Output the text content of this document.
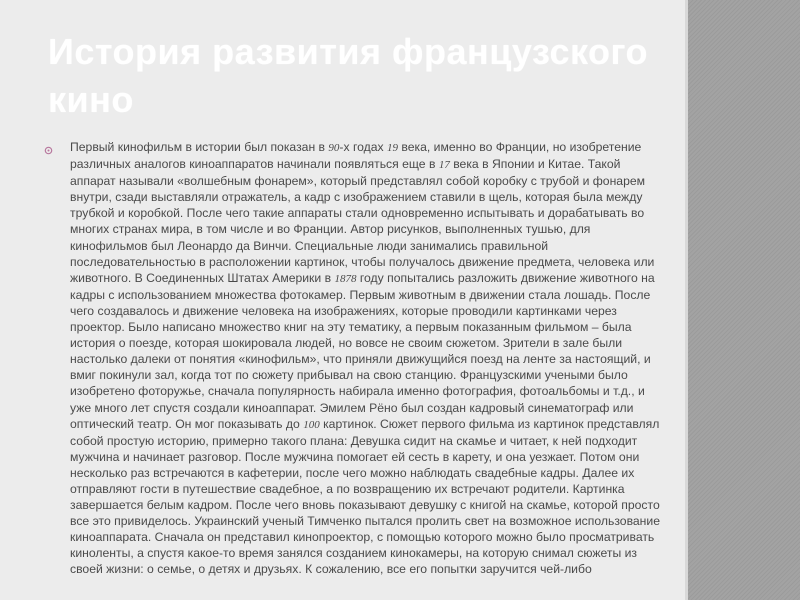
История развития французского кино

Первый кинофильм в истории был показан в 90-х годах 19 века, именно во Франции, но изобретение различных аналогов киноаппаратов начинали появляться еще в 17 века в Японии и Китае. Такой аппарат называли «волшебным фонарем», который представлял собой коробку с трубой и фонарем внутри, сзади выставляли отражатель, а кадр с изображением ставили в щель, которая была между трубкой и коробкой. После чего такие аппараты стали одновременно испытывать и дорабатывать во многих странах мира, в том числе и во Франции. Автор рисунков, выполненных тушью, для кинофильмов был Леонардо да Винчи. Специальные люди занимались правильной последовательностью в расположении картинок, чтобы получалось движение предмета, человека или животного. В Соединенных Штатах Америки в 1878 году попытались разложить движение животного на кадры с использованием множества фотокамер. Первым животным в движении стала лошадь. После чего создавалось и движение человека на изображениях, которые проводили картинками через проектор. Было написано множество книг на эту тематику, а первым показанным фильмом – была история о поезде, которая шокировала людей, но вовсе не своим сюжетом. Зрители в зале были настолько далеки от понятия «кинофильм», что приняли движущийся поезд на ленте за настоящий, и вмиг покинули зал, когда тот по сюжету прибывал на свою станцию. Французскими учеными было изобретено фоторужье, сначала популярность набирала именно фотография, фотоальбомы и т.д., и уже много лет спустя создали киноаппарат. Эмилем Рёно был создан кадровый синематограф или оптический театр. Он мог показывать до 100 картинок. Сюжет первого фильма из картинок представлял собой простую историю, примерно такого плана: Девушка сидит на скамье и читает, к ней подходит мужчина и начинает разговор. После мужчина помогает ей сесть в карету, и она уезжает. Потом они несколько раз встречаются в кафетерии, после чего можно наблюдать свадебные кадры. Далее их отправляют гости в путешествие свадебное, а по возвращению их встречают родители. Картинка завершается белым кадром. После чего вновь показывают девушку с книгой на скамье, которой просто все это привиделось. Украинский ученый Тимченко пытался пролить свет на возможное использование киноаппарата. Сначала он представил кинопроектор, с помощью которого можно было просматривать киноленты, а спустя какое-то время занялся созданием кинокамеры, на которую снимал сюжеты из своей жизни: о семье, о детях и друзьях. К сожалению, все его попытки заручится чей-либо
